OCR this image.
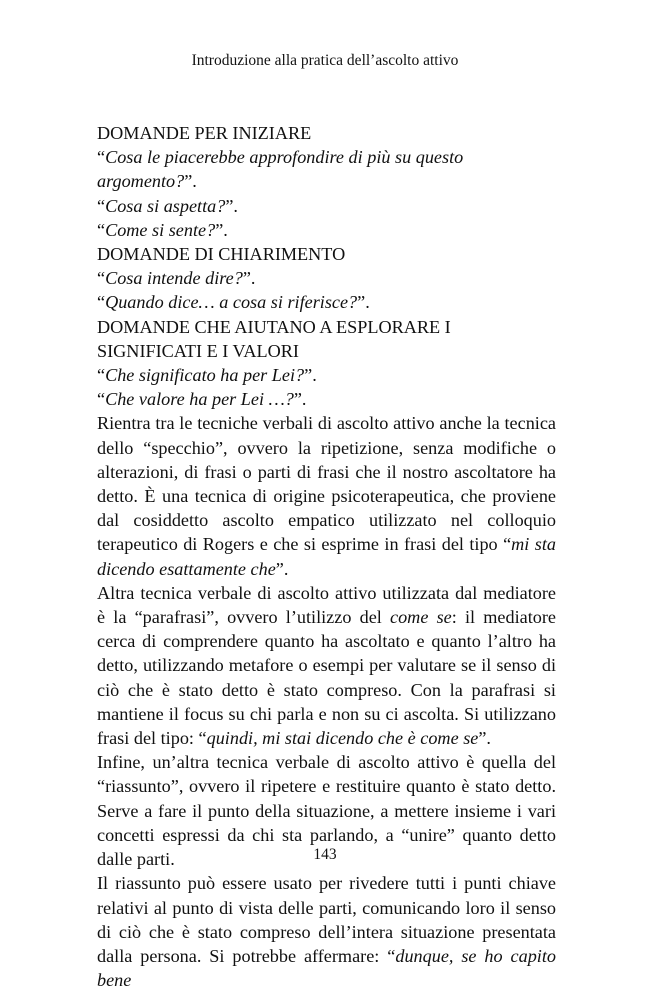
Introduzione alla pratica dell’ascolto attivo

DOMANDE PER INIZIARE

“Cosa le piacerebbe approfondire di più su questo argomento?”.

“Cosa si aspetta?”.

“Come si sente?”.

DOMANDE DI CHIARIMENTO

“Cosa intende dire?”.

“Quando dice… a cosa si riferisce?”.

DOMANDE CHE AIUTANO A ESPLORARE I SIGNIFICATI E I VALORI

“Che significato ha per Lei?”.

“Che valore ha per Lei …?”.

Rientra tra le tecniche verbali di ascolto attivo anche la tecnica dello “specchio”, ovvero la ripetizione, senza modifiche o alterazioni, di frasi o parti di frasi che il nostro ascoltatore ha detto. È una tecnica di origine psicoterapeutica, che proviene dal cosiddetto ascolto empatico utilizzato nel colloquio terapeutico di Rogers e che si esprime in frasi del tipo “mi sta dicendo esattamente che”.

Altra tecnica verbale di ascolto attivo utilizzata dal mediatore è la “parafrasi”, ovvero l’utilizzo del come se: il mediatore cerca di comprendere quanto ha ascoltato e quanto l’altro ha detto, utilizzando metafore o esempi per valutare se il senso di ciò che è stato detto è stato compreso. Con la parafrasi si mantiene il focus su chi parla e non su ci ascolta. Si utilizzano frasi del tipo: “quindi, mi stai dicendo che è come se”.

Infine, un’altra tecnica verbale di ascolto attivo è quella del “riassunto”, ovvero il ripetere e restituire quanto è stato detto. Serve a fare il punto della situazione, a mettere insieme i vari concetti espressi da chi sta parlando, a “unire” quanto detto dalle parti.

Il riassunto può essere usato per rivedere tutti i punti chiave relativi al punto di vista delle parti, comunicando loro il senso di ciò che è stato compreso dell’intera situazione presentata dalla persona. Si potrebbe affermare: “dunque, se ho capito bene

143
